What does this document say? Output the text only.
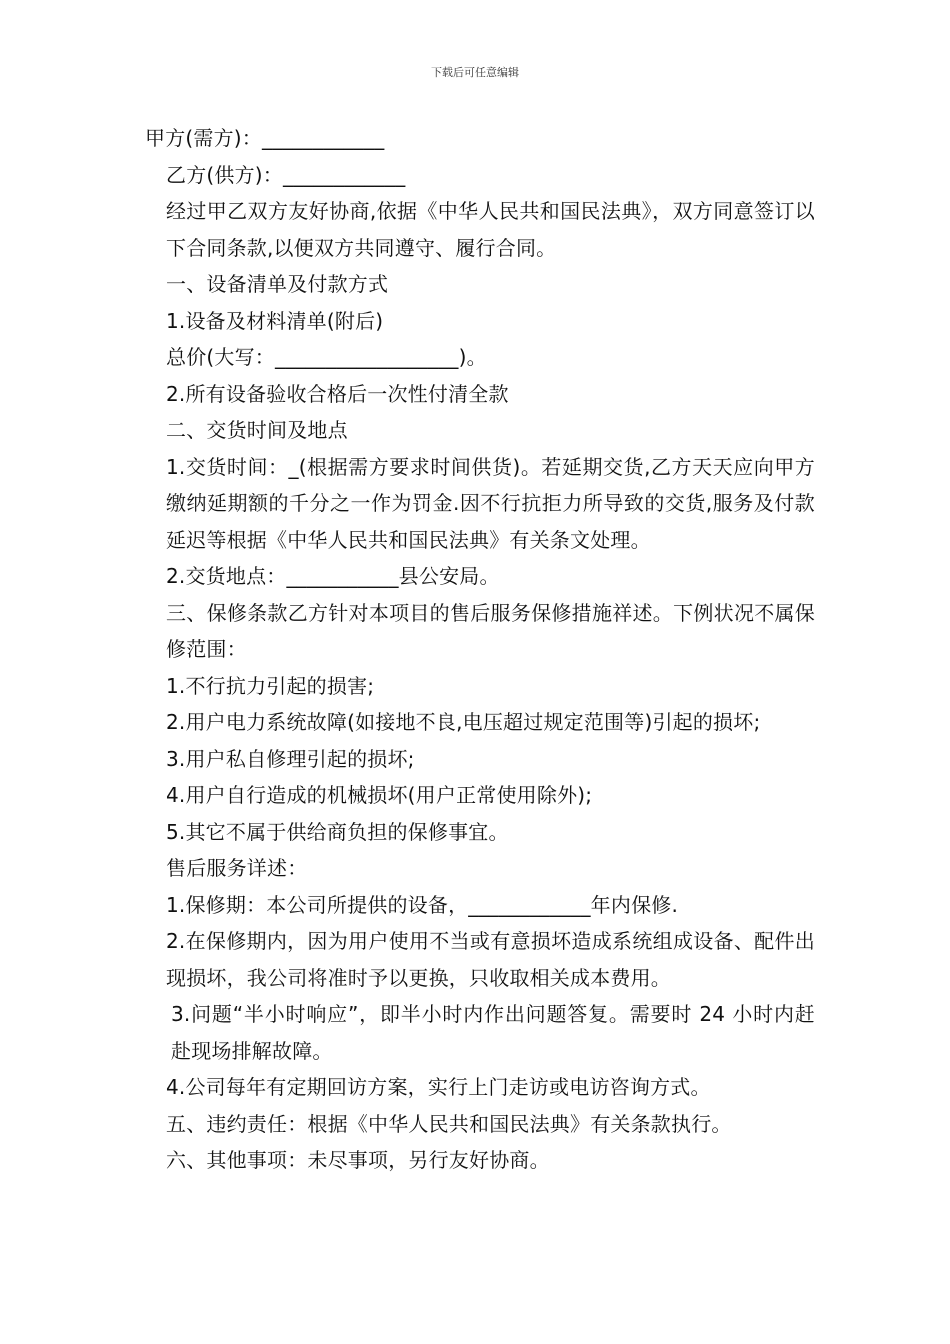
下载后可任意编辑
甲方(需方)：____________
乙方(供方)：____________
经过甲乙双方友好协商,依据《中华人民共和国民法典》，双方同意签订以下合同条款,以便双方共同遵守、履行合同。
一、设备清单及付款方式
1.设备及材料清单(附后)
总价(大写：__________________)。
2.所有设备验收合格后一次性付清全款
二、交货时间及地点
1.交货时间：_(根据需方要求时间供货)。若延期交货,乙方天天应向甲方缴纳延期额的千分之一作为罚金.因不行抗拒力所导致的交货,服务及付款延迟等根据《中华人民共和国民法典》有关条文处理。
2.交货地点：___________县公安局。
三、保修条款乙方针对本项目的售后服务保修措施祥述。下例状况不属保修范围：
1.不行抗力引起的损害;
2.用户电力系统故障(如接地不良,电压超过规定范围等)引起的损坏;
3.用户私自修理引起的损坏;
4.用户自行造成的机械损坏(用户正常使用除外);
5.其它不属于供给商负担的保修事宜。
售后服务详述：
1.保修期：本公司所提供的设备，____________年内保修.
2.在保修期内，因为用户使用不当或有意损坏造成系统组成设备、配件出现损坏，我公司将准时予以更换，只收取相关成本费用。
3.问题“半小时响应”，即半小时内作出问题答复。需要时 24 小时内赶赴现场排解故障。
4.公司每年有定期回访方案，实行上门走访或电访咨询方式。
五、违约责任：根据《中华人民共和国民法典》有关条款执行。
六、其他事项：未尽事项，另行友好协商。
